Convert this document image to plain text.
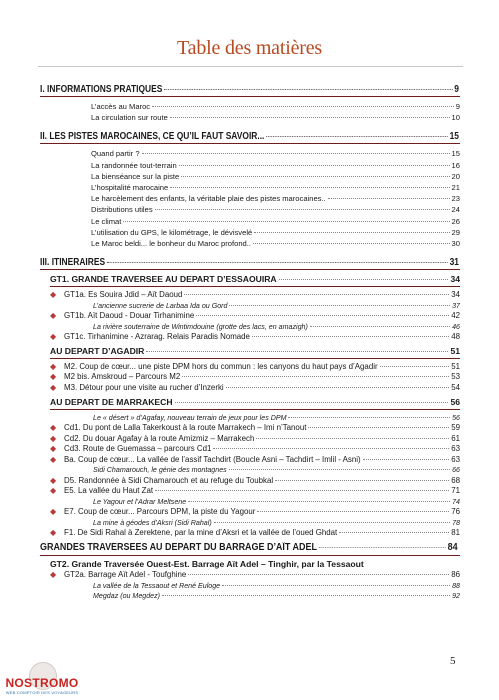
Table des matières
I. INFORMATIONS PRATIQUES	9
L’accès au Maroc	9
La circulation sur route	10
II. LES PISTES MAROCAINES, CE QU’IL FAUT SAVOIR...	15
Quand partir ?	15
La randonnée tout-terrain	16
La bienséance sur la piste	20
L’hospitalité marocaine	21
Le harcèlement des enfants, la véritable plaie des pistes marocaines..	23
Distributions utiles	24
Le climat	26
L’utilisation du GPS, le kilométrage, le dévisvelé	29
Le Maroc beldi... le bonheur du Maroc profond..	30
III. ITINERAIRES	31
GT1. GRANDE TRAVERSEE AU DEPART D’ESSAOUIRA	34
◆ GT1a. Es Souira Jdid – Aït Daoud	34
L’ancienne sucrerie de Larbaa Ida ou Gord	37
◆ GT1b. Aït Daoud - Douar Tirhanimine	42
La rivière souterraine de Wintimdouine (grotte des lacs, en amazigh)	46
◆ GT1c. Tirhanimine - Azrarag. Relais Paradis Nomade	48
AU DEPART D’AGADIR	51
◆ M2. Coup de cœur... une piste DPM hors du commun : les canyons du haut pays d’Agadir	51
◆ M2 bis. Amskroud – Parcours M2	53
◆ M3. Détour pour une visite au rucher d’Inzerki	54
AU DEPART DE MARRAKECH	56
Le « désert » d’Agafay, nouveau terrain de jeux pour les DPM	56
◆ Cd1. Du pont de Lalla Takerkoust à la route Marrakech – Imi n’Tanout	59
◆ Cd2. Du douar Agafay à la route Amizmiz – Marrakech	61
◆ Cd3. Route de Guemassa – parcours Cd1	63
◆ Ba. Coup de cœur... La vallée de l’assif Tachdirt (Boucle Asni – Tachdirt – Imlil - Asni)	63
Sidi Chamarouch, le génie des montagnes	66
◆ D5. Randonnée à Sidi Chamarouch et au refuge du Toubkal	68
◆ E5. La vallée du Haut Zat	71
Le Yagour et l’Adrar Meltsene	74
◆ E7. Coup de cœur... Parcours DPM, la piste du Yagour	76
La mine à géodes d’Aksri (Sidi Rahal)	78
◆ F1. De Sidi Rahal à Zerektene, par la mine d’Aksri et la vallée de l’oued Ghdat	81
GRANDES TRAVERSEES AU DEPART DU BARRAGE D’AÏT ADEL	84
GT2. Grande Traversée Ouest-Est. Barrage Aït Adel – Tinghir, par la Tessaout
◆ GT2a. Barrage Aït Adel - Toufghine	86
La vallée de la Tessaout et René Euloge	88
Megdaz (ou Megdez)	92
5
NOSTROMO
WEB COMPTOIR DES VOYAGEURS
